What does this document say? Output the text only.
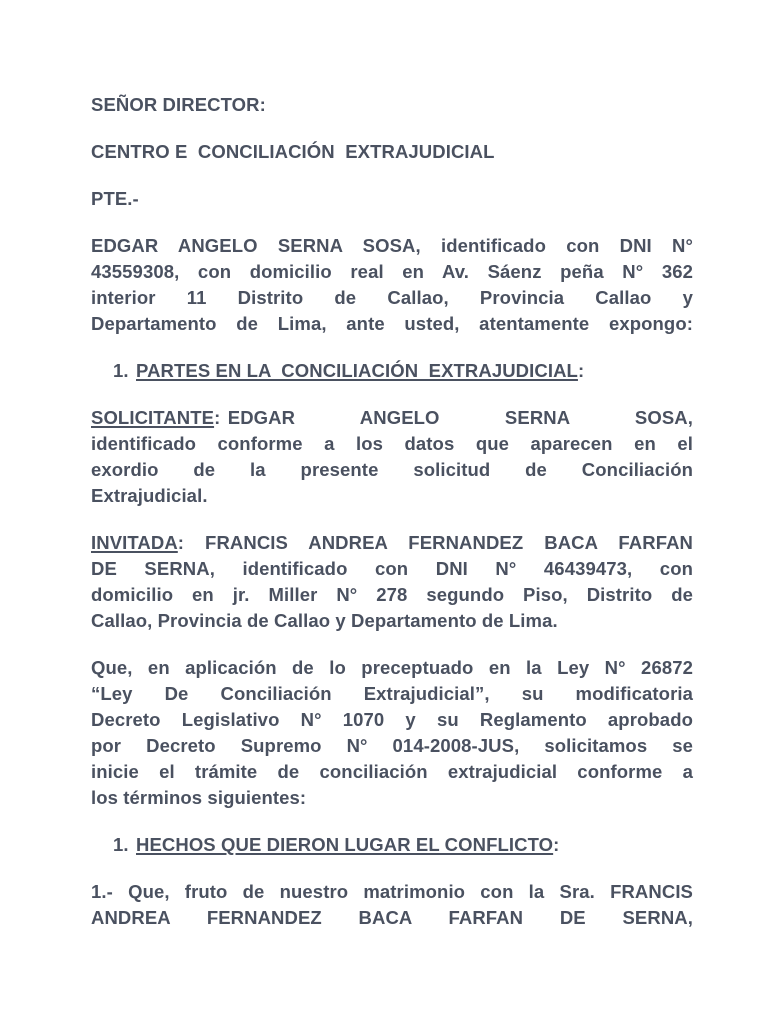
SEÑOR DIRECTOR:
CENTRO E  CONCILIACIÓN  EXTRAJUDICIAL
PTE.-
EDGAR ANGELO SERNA SOSA, identificado con DNI N°
43559308, con domicilio real en Av. Sáenz peña N° 362
interior 11 Distrito de Callao, Provincia Callao y
Departamento de Lima, ante usted, atentamente expongo:
1. PARTES EN LA  CONCILIACIÓN  EXTRAJUDICIAL:
SOLICITANTE: EDGAR ANGELO SERNA SOSA,
identificado conforme a los datos que aparecen en el
exordio de la presente solicitud de Conciliación
Extrajudicial.
INVITADA: FRANCIS ANDREA FERNANDEZ BACA FARFAN
DE SERNA, identificado con DNI N° 46439473, con
domicilio en jr. Miller N° 278 segundo Piso, Distrito de
Callao, Provincia de Callao y Departamento de Lima.
Que, en aplicación de lo preceptuado en la Ley N° 26872
“Ley De Conciliación Extrajudicial”, su modificatoria
Decreto Legislativo N° 1070 y su Reglamento aprobado
por Decreto Supremo N° 014-2008-JUS, solicitamos se
inicie el trámite de conciliación extrajudicial conforme a
los términos siguientes:
1. HECHOS QUE DIERON LUGAR EL CONFLICTO:
1.- Que, fruto de nuestro matrimonio con la Sra. FRANCIS
ANDREA FERNANDEZ BACA FARFAN DE SERNA,
